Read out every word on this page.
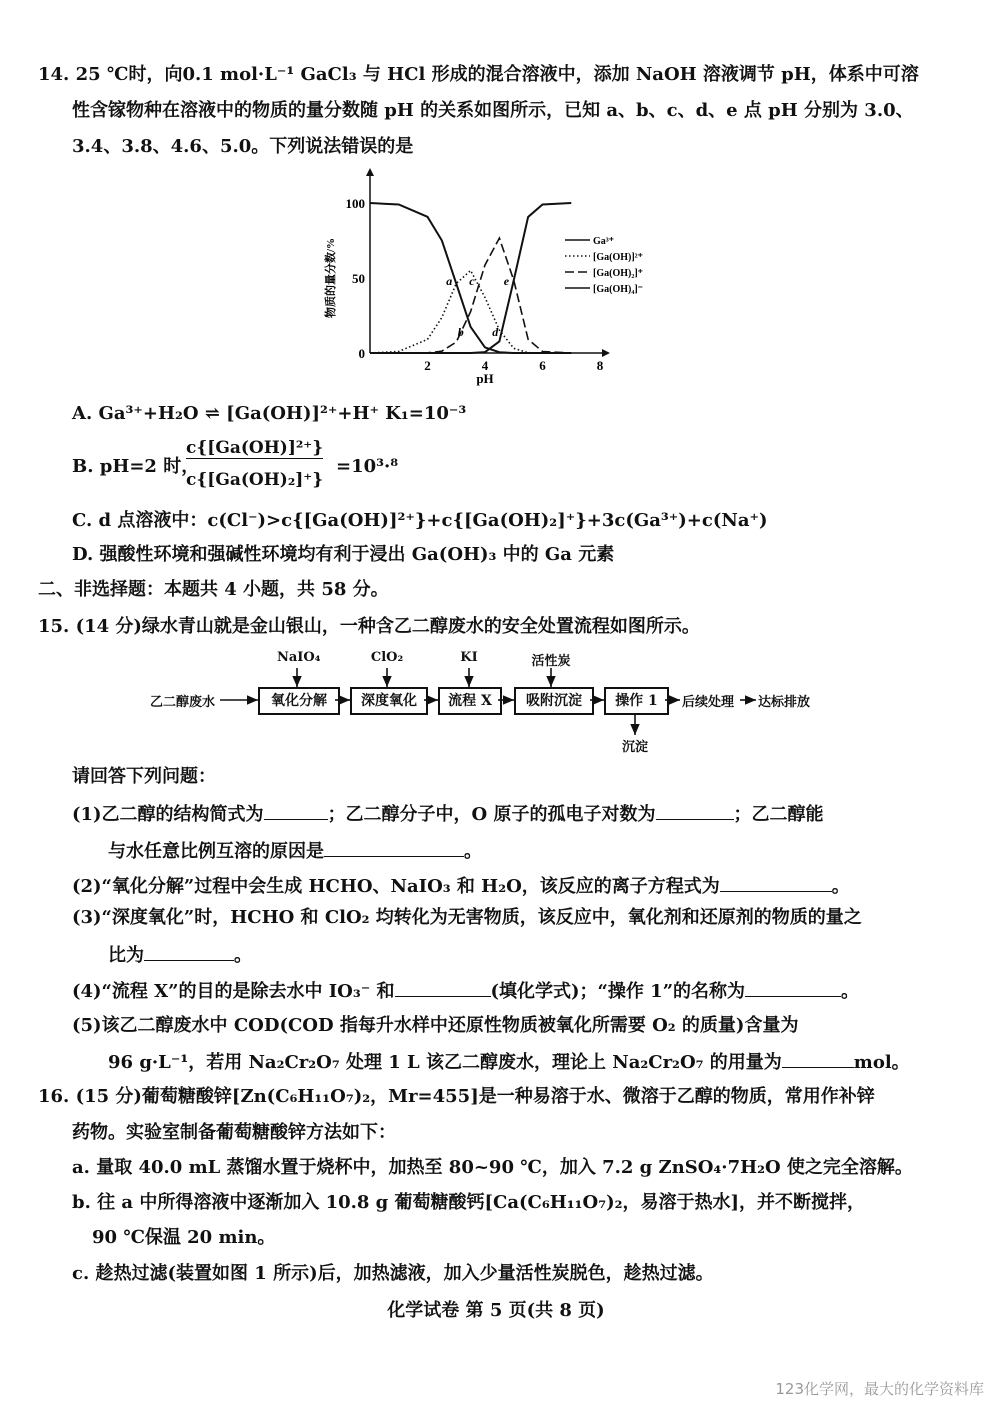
14. 25 ℃时，向0.1 mol·L⁻¹ GaCl₃ 与 HCl 形成的混合溶液中，添加 NaOH 溶液调节 pH，体系中可溶
性含镓物种在溶液中的物质的量分数随 pH 的关系如图所示，已知 a、b、c、d、e 点 pH 分别为 3.0、
3.4、3.8、4.6、5.0。下列说法错误的是
2	4	6	8
0
50
100
pH
物质的量分数/%	Ga³⁺
[Ga(OH)]²⁺
[Ga(OH)₂]⁺
[Ga(OH)₄]⁻
a
b
c
d
e
A. Ga³⁺+H₂O ⇌ [Ga(OH)]²⁺+H⁺ K₁=10⁻³
B. pH=2 时，
c{[Ga(OH)]²⁺}
c{[Ga(OH)₂]⁺}
=10³·⁸
C. d 点溶液中：c(Cl⁻)>c{[Ga(OH)]²⁺}+c{[Ga(OH)₂]⁺}+3c(Ga³⁺)+c(Na⁺)
D. 强酸性环境和强碱性环境均有利于浸出 Ga(OH)₃ 中的 Ga 元素
二、非选择题：本题共 4 小题，共 58 分。
15. (14 分)绿水青山就是金山银山，一种含乙二醇废水的安全处置流程如图所示。
乙二醇废水	氧化分解	深度氧化	流程 X	吸附沉淀	操作 1
NaIO₄	ClO₂	KI	活性炭
后续处理 达标排放
沉淀
请回答下列问题：
(1)乙二醇的结构简式为	；乙二醇分子中，O 原子的孤电子对数为	；乙二醇能
与水任意比例互溶的原因是	。
(2)“氧化分解”过程中会生成 HCHO、NaIO₃ 和 H₂O，该反应的离子方程式为	。
(3)“深度氧化”时，HCHO 和 ClO₂ 均转化为无害物质，该反应中，氧化剂和还原剂的物质的量之
比为	。
(4)“流程 X”的目的是除去水中 IO₃⁻ 和	(填化学式)；“操作 1”的名称为	。
(5)该乙二醇废水中 COD(COD 指每升水样中还原性物质被氧化所需要 O₂ 的质量)含量为
96 g·L⁻¹，若用 Na₂Cr₂O₇ 处理 1 L 该乙二醇废水，理论上 Na₂Cr₂O₇ 的用量为	mol。
16. (15 分)葡萄糖酸锌[Zn(C₆H₁₁O₇)₂，Mr=455]是一种易溶于水、微溶于乙醇的物质，常用作补锌
药物。实验室制备葡萄糖酸锌方法如下：
a. 量取 40.0 mL 蒸馏水置于烧杯中，加热至 80~90 ℃，加入 7.2 g ZnSO₄·7H₂O 使之完全溶解。
b. 往 a 中所得溶液中逐渐加入 10.8 g 葡萄糖酸钙[Ca(C₆H₁₁O₇)₂，易溶于热水]，并不断搅拌，
90 ℃保温 20 min。
c. 趁热过滤(装置如图 1 所示)后，加热滤液，加入少量活性炭脱色，趁热过滤。
化学试卷 第 5 页(共 8 页)
123化学网，最大的化学资料库
